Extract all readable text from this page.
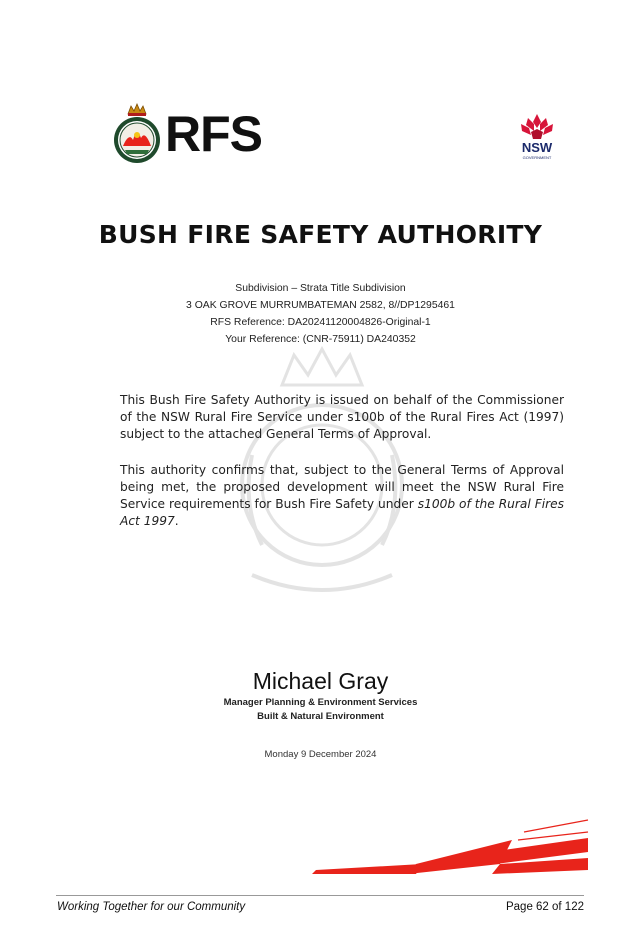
RFS	NSW
GOVERNMENT
BUSH FIRE SAFETY AUTHORITY
Subdivision – Strata Title Subdivision
3 OAK GROVE MURRUMBATEMAN 2582, 8//DP1295461
RFS Reference: DA20241120004826-Original-1
Your Reference: (CNR-75911) DA240352
This Bush Fire Safety Authority is issued on behalf of the Commissioner of the NSW Rural Fire Service under s100b of the Rural Fires Act (1997) subject to the attached General Terms of Approval.
This authority confirms that, subject to the General Terms of Approval being met, the proposed development will meet the NSW Rural Fire Service requirements for Bush Fire Safety under s100b of the Rural Fires Act 1997.
Michael Gray
Manager Planning & Environment Services
Built & Natural Environment
Monday 9 December 2024
Working Together for our Community	Page 62 of 122
